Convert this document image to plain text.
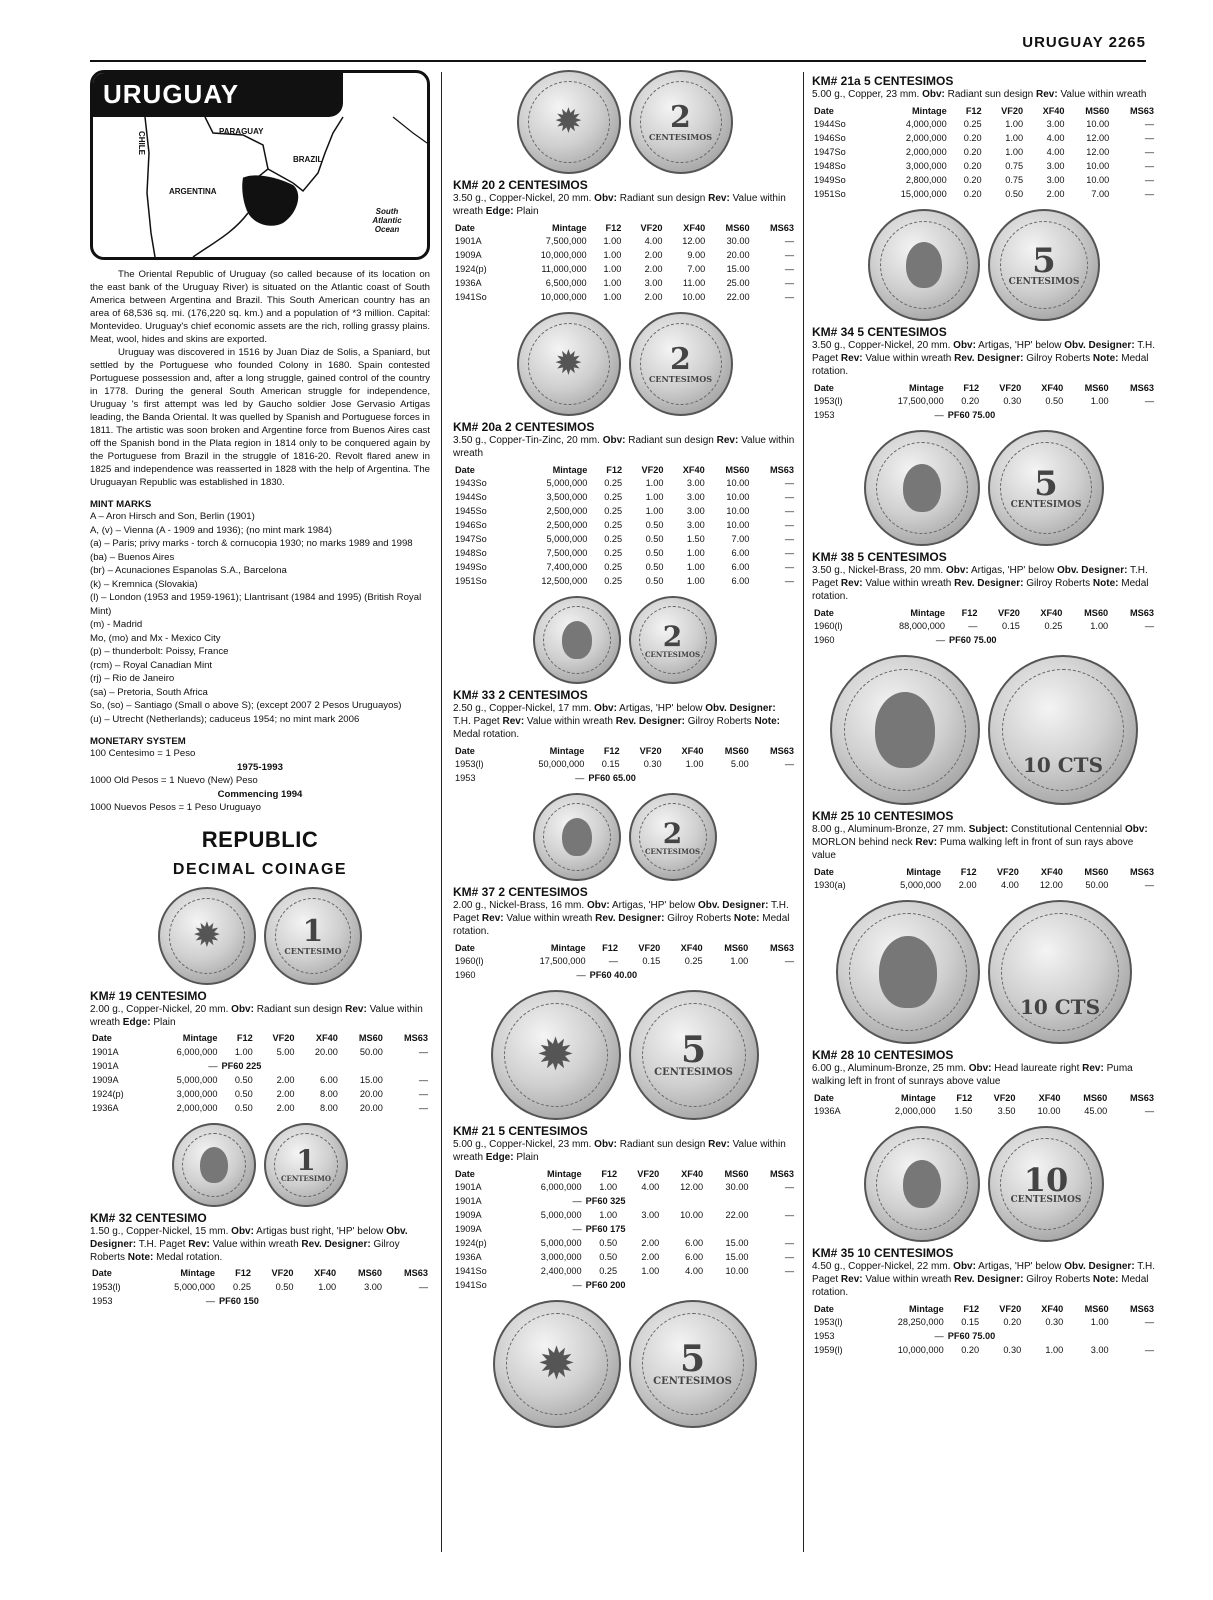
URUGUAY 2265
URUGUAY
CHILE	PARAGUAY
BRAZIL
ARGENTINA
South Atlantic Ocean

The Oriental Republic of Uruguay (so called because of its location on the east bank of the Uruguay River) is situated on the Atlantic coast of South America between Argentina and Brazil. This South American country has an area of 68,536 sq. mi. (176,220 sq. km.) and a population of *3 million. Capital: Montevideo. Uruguay's chief economic assets are the rich, rolling grassy plains. Meat, wool, hides and skins are exported.

Uruguay was discovered in 1516 by Juan Diaz de Solis, a Spaniard, but settled by the Portuguese who founded Colony in 1680. Spain contested Portuguese possession and, after a long struggle, gained control of the country in 1778. During the general South American struggle for independence, Uruguay 's first attempt was led by Gaucho soldier Jose Gervasio Artigas leading, the Banda Oriental. It was quelled by Spanish and Portuguese forces in 1811. The artistic was soon broken and Argentine force from Buenos Aires cast off the Spanish bond in the Plata region in 1814 only to be conquered again by the Portuguese from Brazil in the struggle of 1816-20. Revolt flared anew in 1825 and independence was reasserted in 1828 with the help of Argentina. The Uruguayan Republic was established in 1830.

MINT MARKS
A – Aron Hirsch and Son, Berlin (1901)
A, (v) – Vienna (A - 1909 and 1936); (no mint mark 1984)
(a) – Paris; privy marks - torch & cornucopia 1930; no marks 1989 and 1998
(ba) – Buenos Aires
(br) – Acunaciones Espanolas S.A., Barcelona
(k) – Kremnica (Slovakia)
(l) – London (1953 and 1959-1961); Llantrisant (1984 and 1995) (British Royal Mint)
(m) - Madrid
Mo, (mo) and Mx - Mexico City
(p) – thunderbolt: Poissy, France
(rcm) – Royal Canadian Mint
(rj) – Rio de Janeiro
(sa) – Pretoria, South Africa
So, (so) – Santiago (Small o above S); (except 2007 2 Pesos Uruguayos)
(u) – Utrecht (Netherlands); caduceus 1954; no mint mark 2006
MONETARY SYSTEM
100 Centesimo = 1 Peso
1975-1993
1000 Old Pesos = 1 Nuevo (New) Peso
Commencing 1994
1000 Nuevos Pesos = 1 Peso Uruguayo
REPUBLIC
DECIMAL COINAGE
✹	1
CENTESIMO
KM# 19 CENTESIMO
2.00 g., Copper-Nickel, 20 mm. Obv: Radiant sun design Rev: Value within wreath Edge: Plain
Date	Mintage	F12	VF20	XF40	MS60	MS63
1901A	6,000,000	1.00	5.00	20.00	50.00	—
1901A	—	PF60 225				
1909A	5,000,000	0.50	2.00	6.00	15.00	—
1924(p)	3,000,000	0.50	2.00	8.00	20.00	—
1936A	2,000,000	0.50	2.00	8.00	20.00	—
1
CENTESIMO
KM# 32 CENTESIMO
1.50 g., Copper-Nickel, 15 mm. Obv: Artigas bust right, 'HP' below Obv. Designer: T.H. Paget Rev: Value within wreath Rev. Designer: Gilroy Roberts Note: Medal rotation.
Date	Mintage	F12	VF20	XF40	MS60	MS63
1953(l)	5,000,000	0.25	0.50	1.00	3.00	—
1953	—	PF60 150				
✹	2
CENTESIMOS
KM# 20 2 CENTESIMOS
3.50 g., Copper-Nickel, 20 mm. Obv: Radiant sun design Rev: Value within wreath Edge: Plain
Date	Mintage	F12	VF20	XF40	MS60	MS63
1901A	7,500,000	1.00	4.00	12.00	30.00	—
1909A	10,000,000	1.00	2.00	9.00	20.00	—
1924(p)	11,000,000	1.00	2.00	7.00	15.00	—
1936A	6,500,000	1.00	3.00	11.00	25.00	—
1941So	10,000,000	1.00	2.00	10.00	22.00	—
✹	2
CENTESIMOS
KM# 20a 2 CENTESIMOS
3.50 g., Copper-Tin-Zinc, 20 mm. Obv: Radiant sun design Rev: Value within wreath
Date	Mintage	F12	VF20	XF40	MS60	MS63
1943So	5,000,000	0.25	1.00	3.00	10.00	—
1944So	3,500,000	0.25	1.00	3.00	10.00	—
1945So	2,500,000	0.25	1.00	3.00	10.00	—
1946So	2,500,000	0.25	0.50	3.00	10.00	—
1947So	5,000,000	0.25	0.50	1.50	7.00	—
1948So	7,500,000	0.25	0.50	1.00	6.00	—
1949So	7,400,000	0.25	0.50	1.00	6.00	—
1951So	12,500,000	0.25	0.50	1.00	6.00	—
2
CENTESIMOS
KM# 33 2 CENTESIMOS
2.50 g., Copper-Nickel, 17 mm. Obv: Artigas, 'HP' below Obv. Designer: T.H. Paget Rev: Value within wreath Rev. Designer: Gilroy Roberts Note: Medal rotation.
Date	Mintage	F12	VF20	XF40	MS60	MS63
1953(l)	50,000,000	0.15	0.30	1.00	5.00	—
1953	—	PF60 65.00				
2
CENTESIMOS
KM# 37 2 CENTESIMOS
2.00 g., Nickel-Brass, 16 mm. Obv: Artigas, 'HP' below Obv. Designer: T.H. Paget Rev: Value within wreath Rev. Designer: Gilroy Roberts Note: Medal rotation.
Date	Mintage	F12	VF20	XF40	MS60	MS63
1960(l)	17,500,000	—	0.15	0.25	1.00	—
1960	—	PF60 40.00				
✹	5
CENTESIMOS
KM# 21 5 CENTESIMOS
5.00 g., Copper-Nickel, 23 mm. Obv: Radiant sun design Rev: Value within wreath Edge: Plain
Date	Mintage	F12	VF20	XF40	MS60	MS63
1901A	6,000,000	1.00	4.00	12.00	30.00	—
1901A	—	PF60 325				
1909A	5,000,000	1.00	3.00	10.00	22.00	—
1909A	—	PF60 175				
1924(p)	5,000,000	0.50	2.00	6.00	15.00	—
1936A	3,000,000	0.50	2.00	6.00	15.00	—
1941So	2,400,000	0.25	1.00	4.00	10.00	—
1941So	—	PF60 200				
✹	5
CENTESIMOS
KM# 21a 5 CENTESIMOS
5.00 g., Copper, 23 mm. Obv: Radiant sun design Rev: Value within wreath
Date	Mintage	F12	VF20	XF40	MS60	MS63
1944So	4,000,000	0.25	1.00	3.00	10.00	—
1946So	2,000,000	0.20	1.00	4.00	12.00	—
1947So	2,000,000	0.20	1.00	4.00	12.00	—
1948So	3,000,000	0.20	0.75	3.00	10.00	—
1949So	2,800,000	0.20	0.75	3.00	10.00	—
1951So	15,000,000	0.20	0.50	2.00	7.00	—
5
CENTESIMOS
KM# 34 5 CENTESIMOS
3.50 g., Copper-Nickel, 20 mm. Obv: Artigas, 'HP' below Obv. Designer: T.H. Paget Rev: Value within wreath Rev. Designer: Gilroy Roberts Note: Medal rotation.
Date	Mintage	F12	VF20	XF40	MS60	MS63
1953(l)	17,500,000	0.20	0.30	0.50	1.00	—
1953	—	PF60 75.00				
5
CENTESIMOS
KM# 38 5 CENTESIMOS
3.50 g., Nickel-Brass, 20 mm. Obv: Artigas, 'HP' below Obv. Designer: T.H. Paget Rev: Value within wreath Rev. Designer: Gilroy Roberts Note: Medal rotation.
Date	Mintage	F12	VF20	XF40	MS60	MS63
1960(l)	88,000,000	—	0.15	0.25	1.00	—
1960	—	PF60 75.00				
10 CTS
KM# 25 10 CENTESIMOS
8.00 g., Aluminum-Bronze, 27 mm. Subject: Constitutional Centennial Obv: MORLON behind neck Rev: Puma walking left in front of sun rays above value
Date	Mintage	F12	VF20	XF40	MS60	MS63
1930(a)	5,000,000	2.00	4.00	12.00	50.00	—
10 CTS
KM# 28 10 CENTESIMOS
6.00 g., Aluminum-Bronze, 25 mm. Obv: Head laureate right Rev: Puma walking left in front of sunrays above value
Date	Mintage	F12	VF20	XF40	MS60	MS63
1936A	2,000,000	1.50	3.50	10.00	45.00	—
10
CENTESIMOS
KM# 35 10 CENTESIMOS
4.50 g., Copper-Nickel, 22 mm. Obv: Artigas, 'HP' below Obv. Designer: T.H. Paget Rev: Value within wreath Rev. Designer: Gilroy Roberts Note: Medal rotation.
Date	Mintage	F12	VF20	XF40	MS60	MS63
1953(l)	28,250,000	0.15	0.20	0.30	1.00	—
1953	—	PF60 75.00				
1959(l)	10,000,000	0.20	0.30	1.00	3.00	—
